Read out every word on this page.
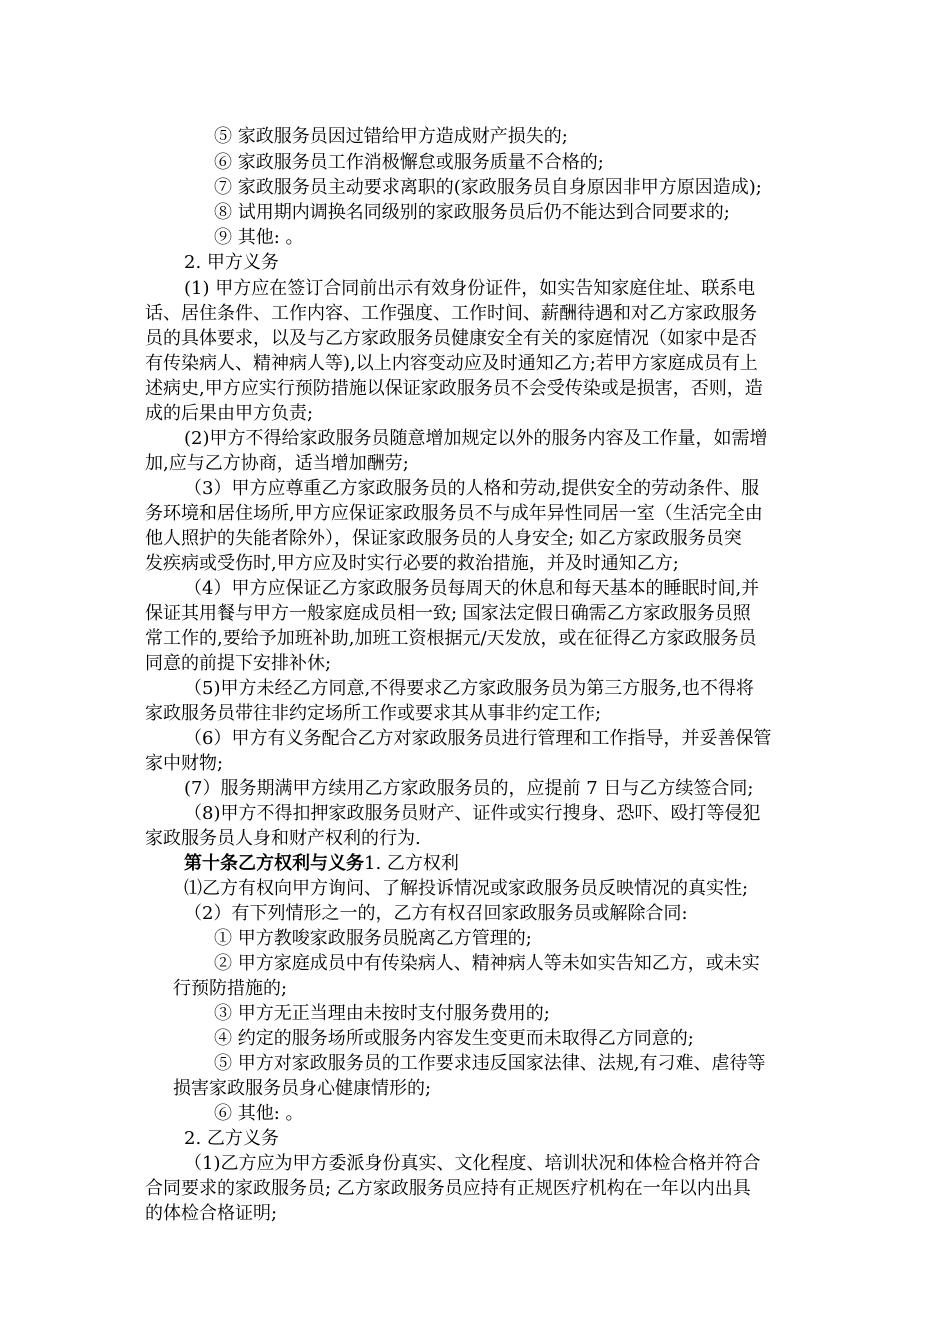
⑤ 家政服务员因过错给甲方造成财产损失的;
⑥ 家政服务员工作消极懈怠或服务质量不合格的;
⑦ 家政服务员主动要求离职的(家政服务员自身原因非甲方原因造成);
⑧ 试用期内调换名同级别的家政服务员后仍不能达到合同要求的;
⑨ 其他: 。
2. 甲方义务
(1) 甲方应在签订合同前出示有效身份证件，如实告知家庭住址、联系电
话、居住条件、工作内容、工作强度、工作时间、薪酬待遇和对乙方家政服务
员的具体要求，以及与乙方家政服务员健康安全有关的家庭情况（如家中是否
有传染病人、精神病人等),以上内容变动应及时通知乙方;若甲方家庭成员有上
述病史,甲方应实行预防措施以保证家政服务员不会受传染或是损害，否则，造
成的后果由甲方负责;
(2)甲方不得给家政服务员随意增加规定以外的服务内容及工作量，如需增
加,应与乙方协商，适当增加酬劳;
（3）甲方应尊重乙方家政服务员的人格和劳动,提供安全的劳动条件、服
务环境和居住场所,甲方应保证家政服务员不与成年异性同居一室（生活完全由
他人照护的失能者除外），保证家政服务员的人身安全; 如乙方家政服务员突
发疾病或受伤时,甲方应及时实行必要的救治措施，并及时通知乙方;
（4）甲方应保证乙方家政服务员每周天的休息和每天基本的睡眠时间,并
保证其用餐与甲方一般家庭成员相一致; 国家法定假日确需乙方家政服务员照
常工作的,要给予加班补助,加班工资根据元/天发放，或在征得乙方家政服务员
同意的前提下安排补休;
（5)甲方未经乙方同意,不得要求乙方家政服务员为第三方服务,也不得将
家政服务员带往非约定场所工作或要求其从事非约定工作;
（6）甲方有义务配合乙方对家政服务员进行管理和工作指导，并妥善保管
家中财物;
(7）服务期满甲方续用乙方家政服务员的，应提前 7 日与乙方续签合同;
（8)甲方不得扣押家政服务员财产、证件或实行搜身、恐吓、殴打等侵犯
家政服务员人身和财产权利的行为.
第十条乙方权利与义务1. 乙方权利
⑴乙方有权向甲方询问、了解投诉情况或家政服务员反映情况的真实性;
（2）有下列情形之一的，乙方有权召回家政服务员或解除合同:
① 甲方教唆家政服务员脱离乙方管理的;
② 甲方家庭成员中有传染病人、精神病人等未如实告知乙方，或未实
行预防措施的;
③ 甲方无正当理由未按时支付服务费用的;
④ 约定的服务场所或服务内容发生变更而未取得乙方同意的;
⑤ 甲方对家政服务员的工作要求违反国家法律、法规,有刁难、虐待等
损害家政服务员身心健康情形的;
⑥ 其他: 。
2. 乙方义务
（1)乙方应为甲方委派身份真实、文化程度、培训状况和体检合格并符合
合同要求的家政服务员; 乙方家政服务员应持有正规医疗机构在一年以内出具
的体检合格证明;
